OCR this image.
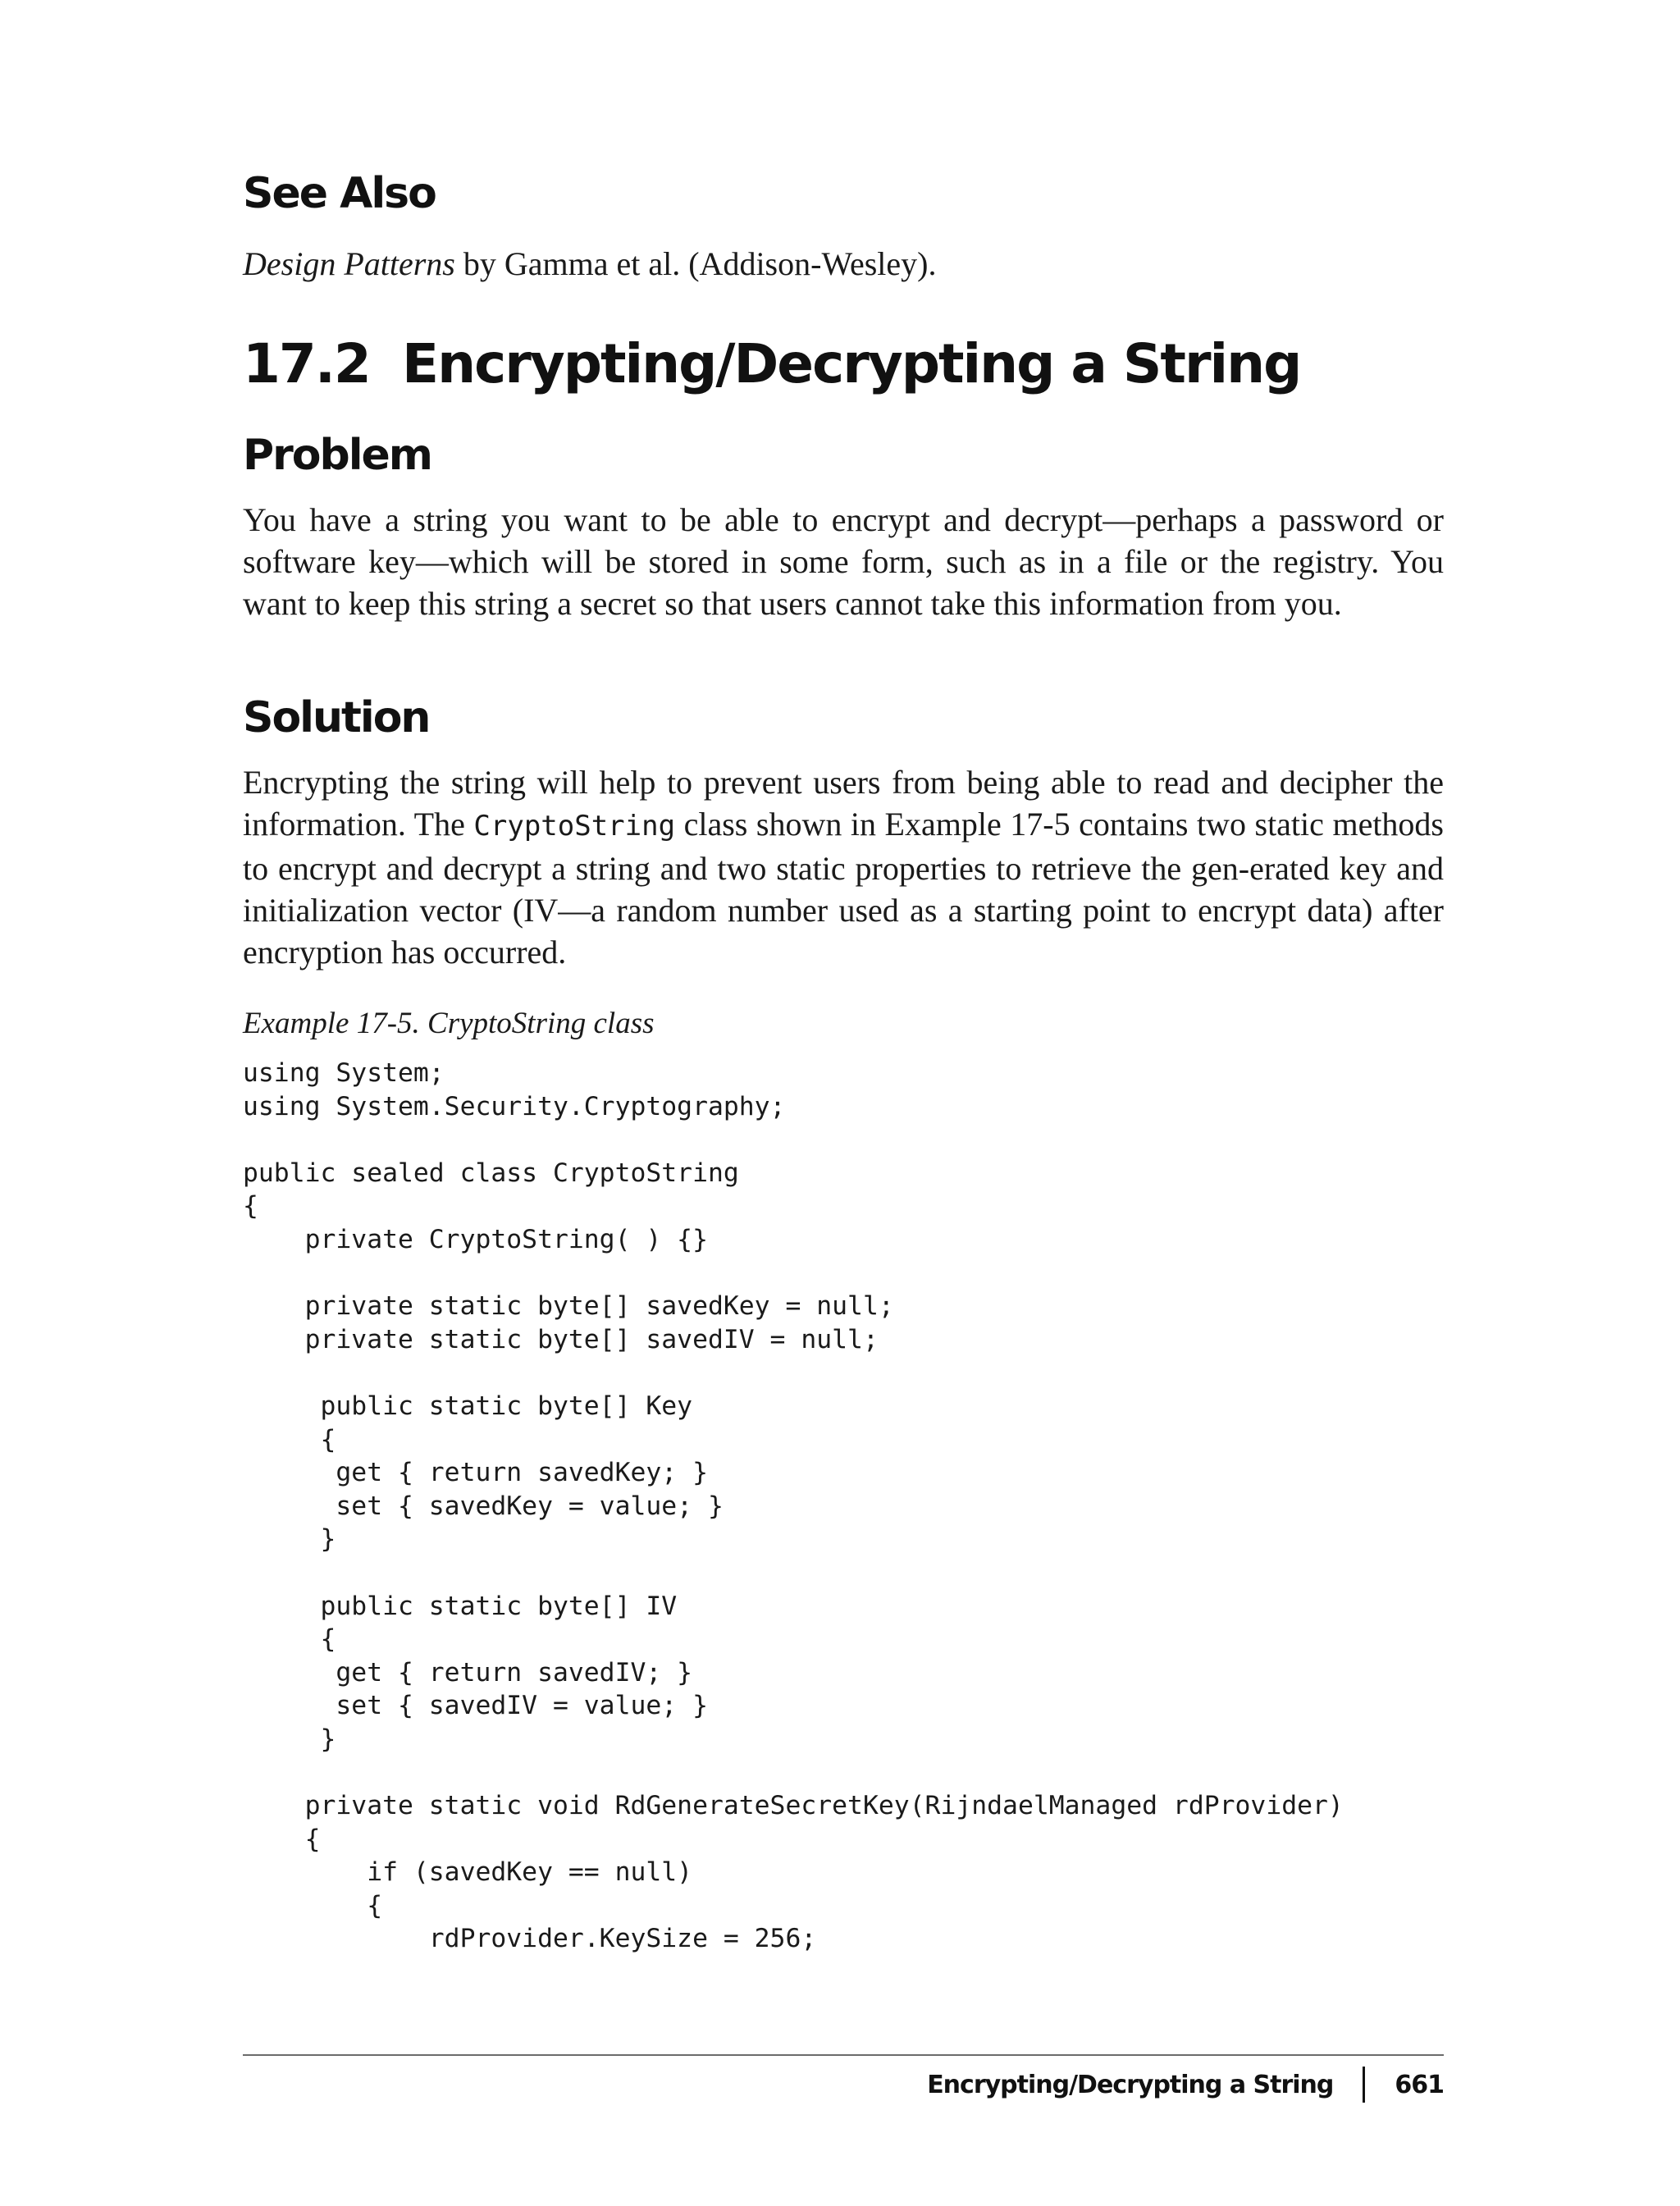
See Also

Design Patterns by Gamma et al. (Addison-Wesley).

17.2 Encrypting/Decrypting a String
Problem

You have a string you want to be able to encrypt and decrypt—perhaps a password or software key—which will be stored in some form, such as in a file or the registry. You want to keep this string a secret so that users cannot take this information from you.

Solution

Encrypting the string will help to prevent users from being able to read and decipher the information. The CryptoString class shown in Example 17-5 contains two static methods to encrypt and decrypt a string and two static properties to retrieve the gen-erated key and initialization vector (IV—a random number used as a starting point to encrypt data) after encryption has occurred.

Example 17-5. CryptoString class

using System;
using System.Security.Cryptography;
public sealed class CryptoString
{
private CryptoString( ) {}
private static byte[] savedKey = null;
private static byte[] savedIV = null;
public static byte[] Key
{
get { return savedKey; }
set { savedKey = value; }
}
public static byte[] IV
{
get { return savedIV; }
set { savedIV = value; }
}
private static void RdGenerateSecretKey(RijndaelManaged rdProvider)
{
if (savedKey == null)
{
rdProvider.KeySize = 256;
Encrypting/Decrypting a String	661
